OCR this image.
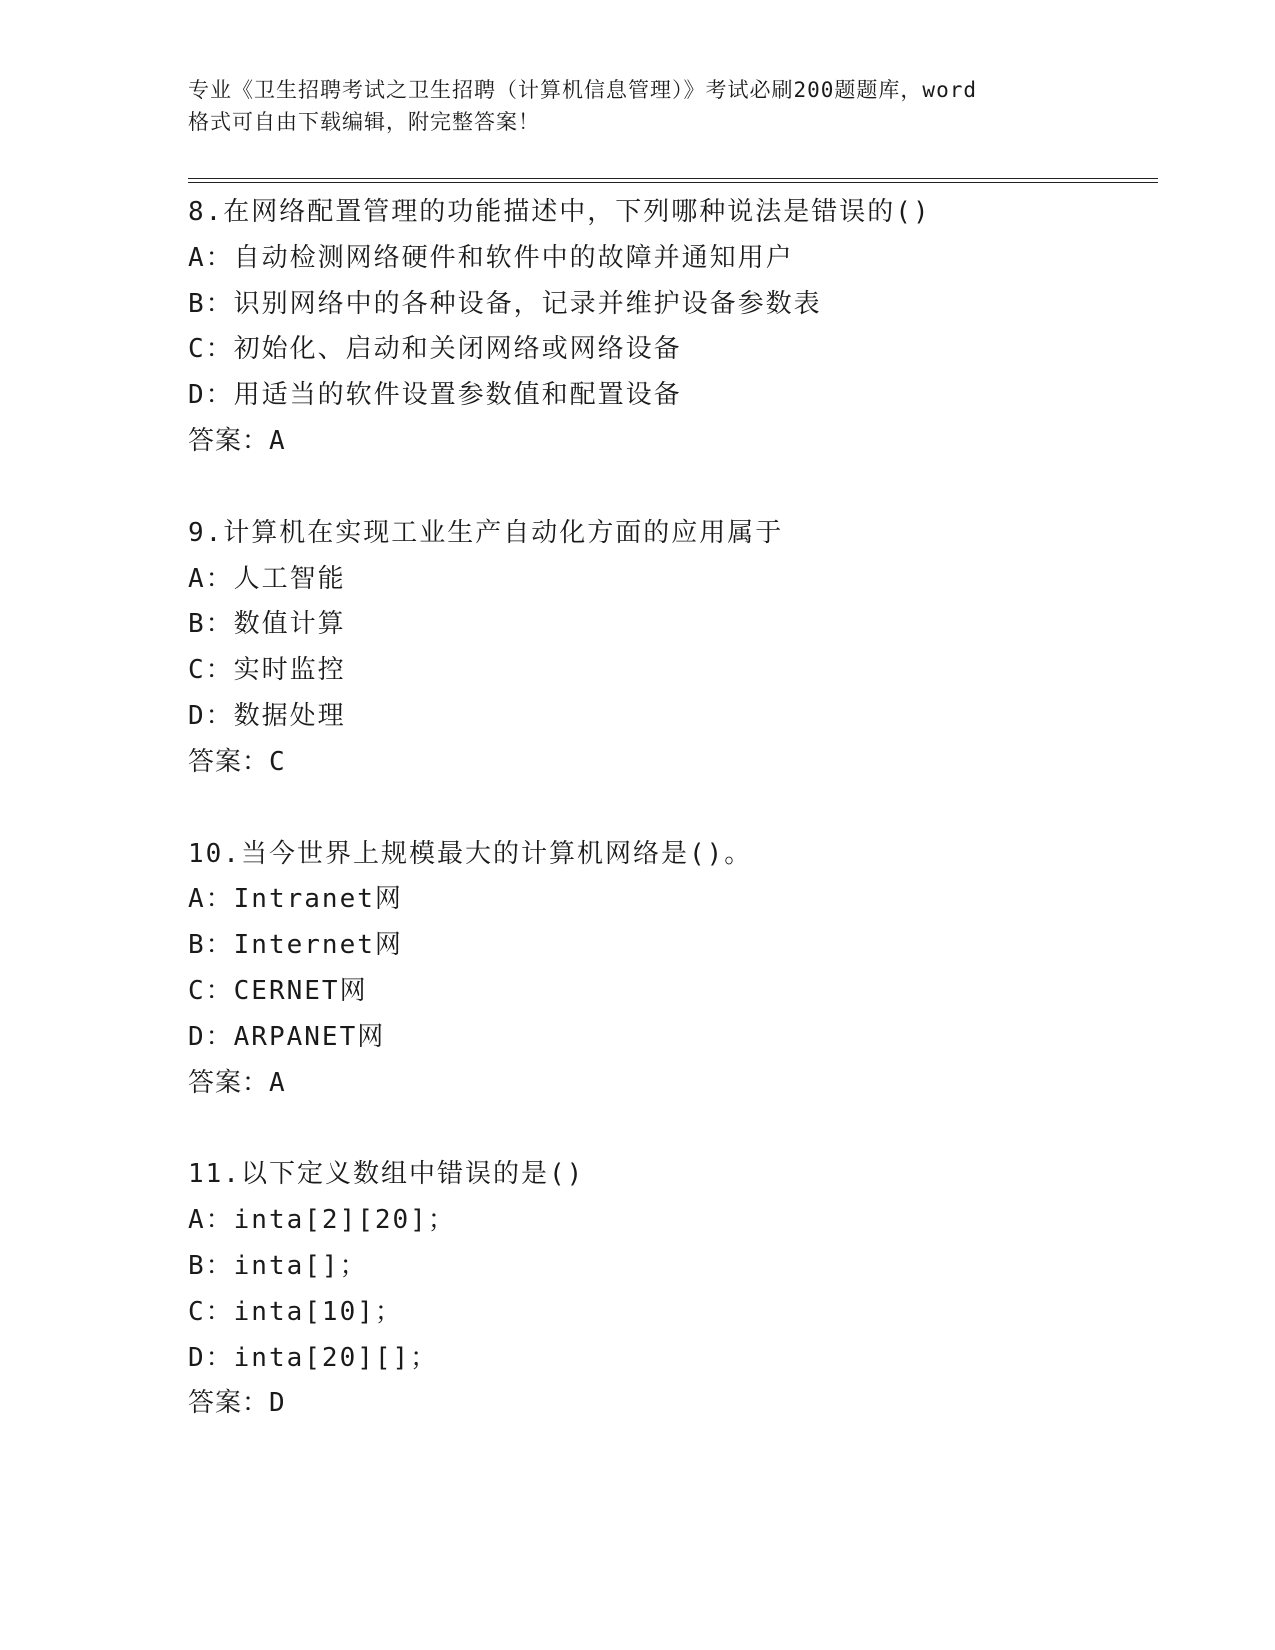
专业《卫生招聘考试之卫生招聘（计算机信息管理）》考试必刷200题题库，word
格式可自由下载编辑，附完整答案！
8.在网络配置管理的功能描述中，下列哪种说法是错误的()
A：自动检测网络硬件和软件中的故障并通知用户
B：识别网络中的各种设备，记录并维护设备参数表
C：初始化、启动和关闭网络或网络设备
D：用适当的软件设置参数值和配置设备
答案：A
9.计算机在实现工业生产自动化方面的应用属于
A：人工智能
B：数值计算
C：实时监控
D：数据处理
答案：C
10.当今世界上规模最大的计算机网络是()。
A：Intranet网
B：Internet网
C：CERNET网
D：ARPANET网
答案：A
11.以下定义数组中错误的是()
A：inta[2][20]；
B：inta[]；
C：inta[10]；
D：inta[20][]；
答案：D
